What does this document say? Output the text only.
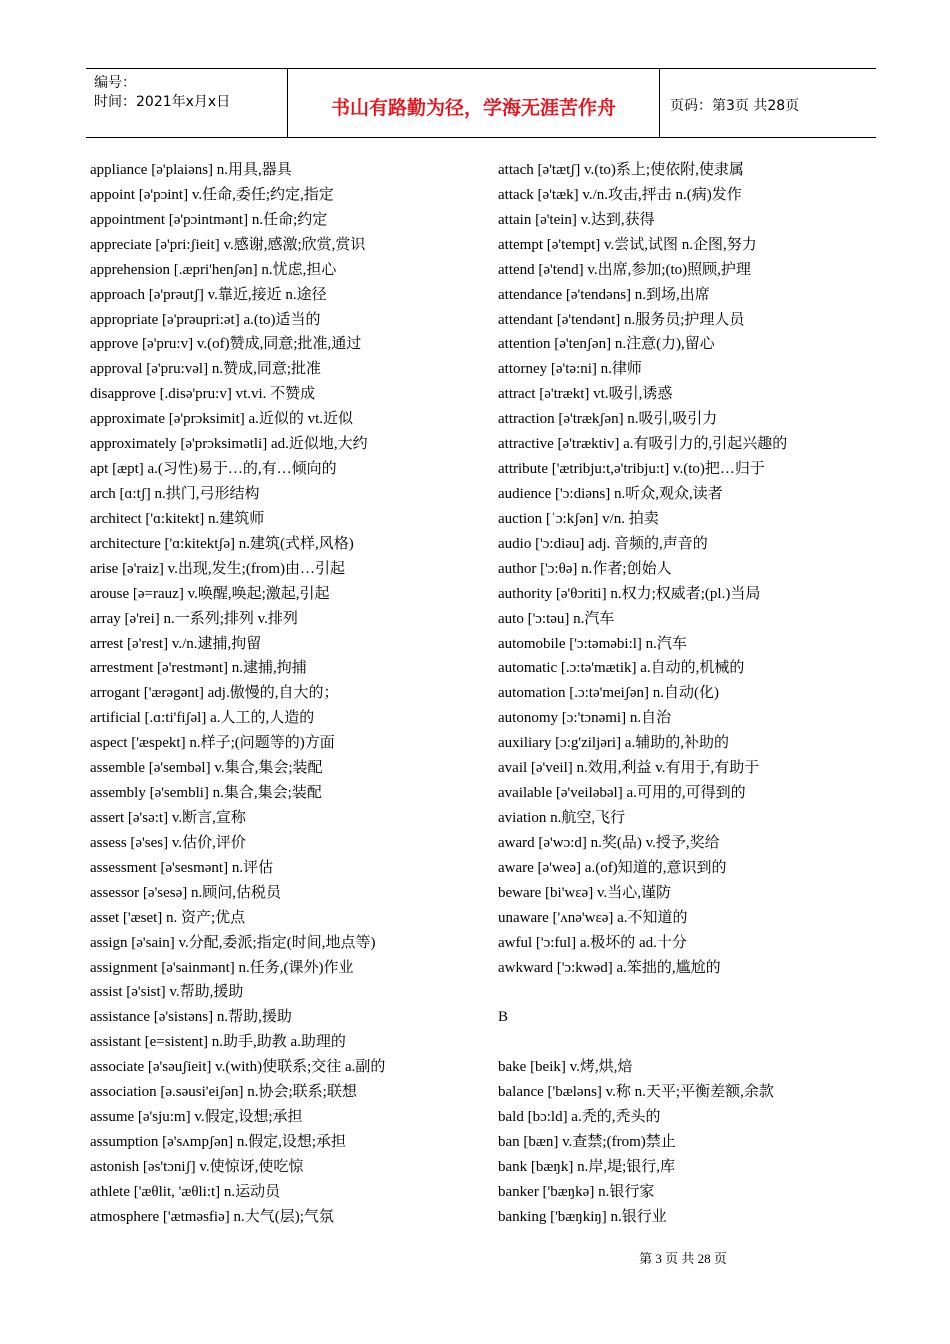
编号：
时间：2021年x月x日	书山有路勤为径，学海无涯苦作舟	页码：第3页 共28页
appliance [ə'plaiəns] n.用具,器具
appoint [ə'pɔint] v.任命,委任;约定,指定
appointment [ə'pɔintmənt] n.任命;约定
appreciate [ə'pri:ʃieit] v.感谢,感激;欣赏,赏识
apprehension [.æpri'henʃən] n.忧虑,担心
approach [ə'prəutʃ] v.靠近,接近 n.途径
appropriate [ə'prəupri:ət] a.(to)适当的
approve [ə'pru:v] v.(of)赞成,同意;批准,通过
approval [ə'pru:vəl] n.赞成,同意;批准
disapprove [.disə'pru:v] vt.vi. 不赞成
approximate [ə'prɔksimit] a.近似的 vt.近似
approximately [ə'prɔksimətli] ad.近似地,大约
apt [æpt] a.(习性)易于…的,有…倾向的
arch [ɑ:tʃ] n.拱门,弓形结构
architect ['ɑ:kitekt] n.建筑师
architecture ['ɑ:kitektʃə] n.建筑(式样,风格)
arise [ə'raiz] v.出现,发生;(from)由…引起
arouse [ə=rauz] v.唤醒,唤起;激起,引起
array [ə'rei] n.一系列;排列 v.排列
arrest [ə'rest] v./n.逮捕,拘留
arrestment [ə'restmənt] n.逮捕,拘捕
arrogant ['ærəgənt] adj.傲慢的,自大的；
artificial [.ɑ:ti'fiʃəl] a.人工的,人造的
aspect ['æspekt] n.样子;(问题等的)方面
assemble [ə'sembəl] v.集合,集会;装配
assembly [ə'sembli] n.集合,集会;装配
assert [ə'sə:t] v.断言,宣称
assess [ə'ses] v.估价,评价
assessment [ə'sesmənt] n.评估
assessor [ə'sesə] n.顾问,估税员
asset ['æset] n. 资产;优点
assign [ə'sain] v.分配,委派;指定(时间,地点等)
assignment [ə'sainmənt] n.任务,(课外)作业
assist [ə'sist] v.帮助,援助
assistance [ə'sistəns] n.帮助,援助
assistant [e=sistent] n.助手,助教 a.助理的
associate [ə'səuʃieit] v.(with)使联系;交往 a.副的
association [ə.səusi'eiʃən] n.协会;联系;联想
assume [ə'sju:m] v.假定,设想;承担
assumption [ə'sʌmpʃən] n.假定,设想;承担
astonish [əs'tɔniʃ] v.使惊讶,使吃惊
athlete ['æθlit, 'æθli:t] n.运动员
atmosphere ['ætməsfiə] n.大气(层);气氛
attach [ə'tætʃ] v.(to)系上;使依附,使隶属
attack [ə'tæk] v./n.攻击,抨击 n.(病)发作
attain [ə'tein] v.达到,获得
attempt [ə'tempt] v.尝试,试图 n.企图,努力
attend [ə'tend] v.出席,参加;(to)照顾,护理
attendance [ə'tendəns] n.到场,出席
attendant [ə'tendənt] n.服务员;护理人员
attention [ə'tenʃən] n.注意(力),留心
attorney [ə'tə:ni] n.律师
attract [ə'trækt] vt.吸引,诱惑
attraction [ə'trækʃən] n.吸引,吸引力
attractive [ə'træktiv] a.有吸引力的,引起兴趣的
attribute ['ætribju:t,ə'tribju:t] v.(to)把…归于
audience ['ɔ:diəns] n.听众,观众,读者
auction [ˈɔ:kʃən] v/n. 拍卖
audio ['ɔ:diəu] adj. 音频的,声音的
author ['ɔ:θə] n.作者;创始人
authority [ə'θɔriti] n.权力;权威者;(pl.)当局
auto ['ɔ:təu] n.汽车
automobile ['ɔ:təməbi:l] n.汽车
automatic [.ɔ:tə'mætik] a.自动的,机械的
automation [.ɔ:tə'meiʃən] n.自动(化)
autonomy [ɔ:'tɔnəmi] n.自治
auxiliary [ɔ:g'ziljəri] a.辅助的,补助的
avail [ə'veil] n.效用,利益 v.有用于,有助于
available [ə'veiləbəl] a.可用的,可得到的
aviation n.航空,飞行
award [ə'wɔ:d] n.奖(品) v.授予,奖给
aware [ə'weə] a.(of)知道的,意识到的
beware [bi'wɛə] v.当心,谨防
unaware ['ʌnə'wɛə] a.不知道的
awful ['ɔ:ful] a.极坏的 ad.十分
awkward ['ɔ:kwəd] a.笨拙的,尴尬的
B
bake [beik] v.烤,烘,焙
balance ['bæləns] v.称 n.天平;平衡差额,余款
bald [bɔ:ld] a.秃的,秃头的
ban [bæn] v.查禁;(from)禁止
bank [bæŋk] n.岸,堤;银行,库
banker ['bæŋkə] n.银行家
banking ['bæŋkiŋ] n.银行业
第 3 页 共 28 页
